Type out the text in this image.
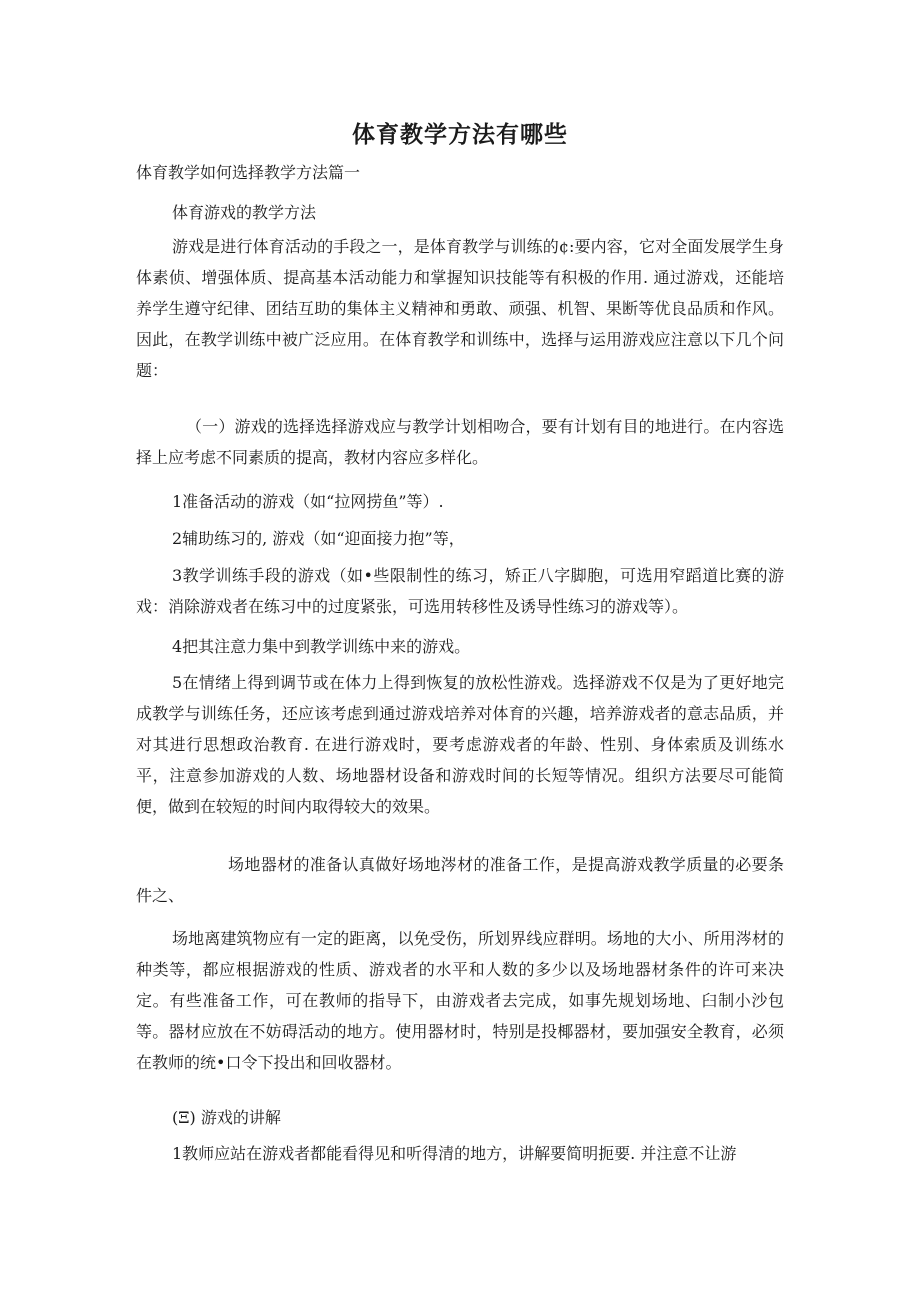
体育教学方法有哪些

体育教学如何选择教学方法篇一

体育游戏的教学方法

游戏是进行体育活动的手段之一，是体育教学与训练的¢:要内容，它对全面发展学生身体素侦、增强体质、提高基本活动能力和掌握知识技能等有积极的作用. 通过游戏，还能培养学生遵守纪律、团结互助的集体主义精神和勇敢、顽强、机智、果断等优良品质和作风。因此，在教学训练中被广泛应用。在体育教学和训练中，选择与运用游戏应注意以下几个问题：

（一）游戏的选择选择游戏应与教学计划相吻合，要有计划有目的地进行。在内容选择上应考虑不同素质的提高，教材内容应多样化。

1准备活动的游戏（如“拉网捞鱼”等）.

2辅助练习的, 游戏（如“迎面接力抱”等，

3教学训练手段的游戏（如•些限制性的练习，矫正八字脚胞，可选用窄蹈道比赛的游戏：消除游戏者在练习中的过度紧张，可选用转移性及诱导性练习的游戏等）。

4把其注意力集中到教学训练中来的游戏。

5在情绪上得到调节或在体力上得到恢复的放松性游戏。选择游戏不仅是为了更好地完成教学与训练任务，还应该考虑到通过游戏培养对体育的兴趣，培养游戏者的意志品质，并对其进行思想政治教育. 在进行游戏时，要考虑游戏者的年龄、性别、身体索质及训练水平，注意参加游戏的人数、场地器材设备和游戏时间的长短等情况。组织方法要尽可能简便，做到在较短的时间内取得较大的效果。

场地器材的准备认真做好场地涔材的准备工作，是提高游戏教学质量的必要条件之、

场地离建筑物应有一定的距离，以免受伤，所划界线应群明。场地的大小、所用涔材的种类等，都应根据游戏的性质、游戏者的水平和人数的多少以及场地器材条件的许可来决定。有些准备工作，可在教师的指导下，由游戏者去完成，如事先规划场地、臼制小沙包等。器材应放在不妨碍活动的地方。使用器材时，特别是投椰器材，要加强安全教育，必须在教师的统•口令下投出和回收器材。

(Ξ) 游戏的讲解

1教师应站在游戏者都能看得见和听得清的地方，讲解要简明扼要. 并注意不让游
